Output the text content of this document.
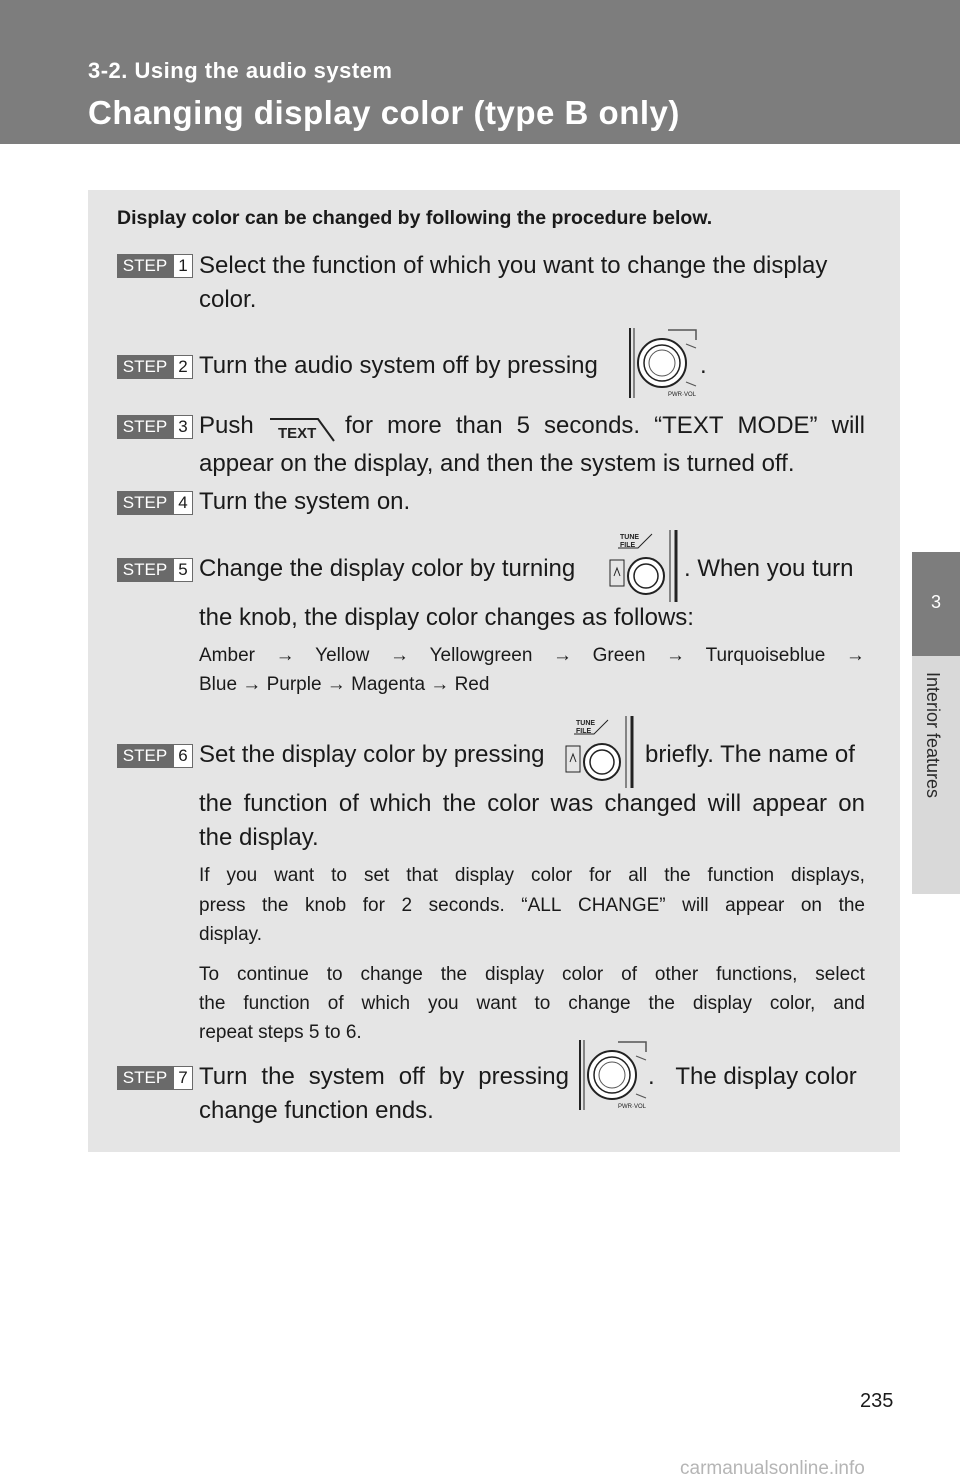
3-2. Using the audio system
Changing display color (type B only)
3
Interior features
Display color can be changed by following the procedure below.
STEP 1 Select the function of which you want to change the display
color.
STEP 2 Turn the audio system off by pressing
PWR·VOL
.
STEP 3 Push TEXT for more than 5 seconds. “TEXT MODE” will
appear on the display, and then the system is turned off.
STEP 4 Turn the system on.
STEP 5 Change the display color by turning
TUNE
FILE
. When you turn
the knob, the display color changes as follows:
Amber → Yellow → Yellowgreen → Green → Turquoiseblue →
Blue → Purple → Magenta → Red
STEP 6 Set the display color by pressing
TUNE
FILE
briefly. The name of
the function of which the color was changed will appear on
the display.
If you want to set that display color for all the function displays,
press the knob for 2 seconds. “ALL CHANGE” will appear on the
display.
To continue to change the display color of other functions, select
the function of which you want to change the display color, and
repeat steps 5 to 6.
STEP 7 Turn the system off by pressing
PWR·VOL
. The display color
change function ends.
235
carmanualsonline.info
